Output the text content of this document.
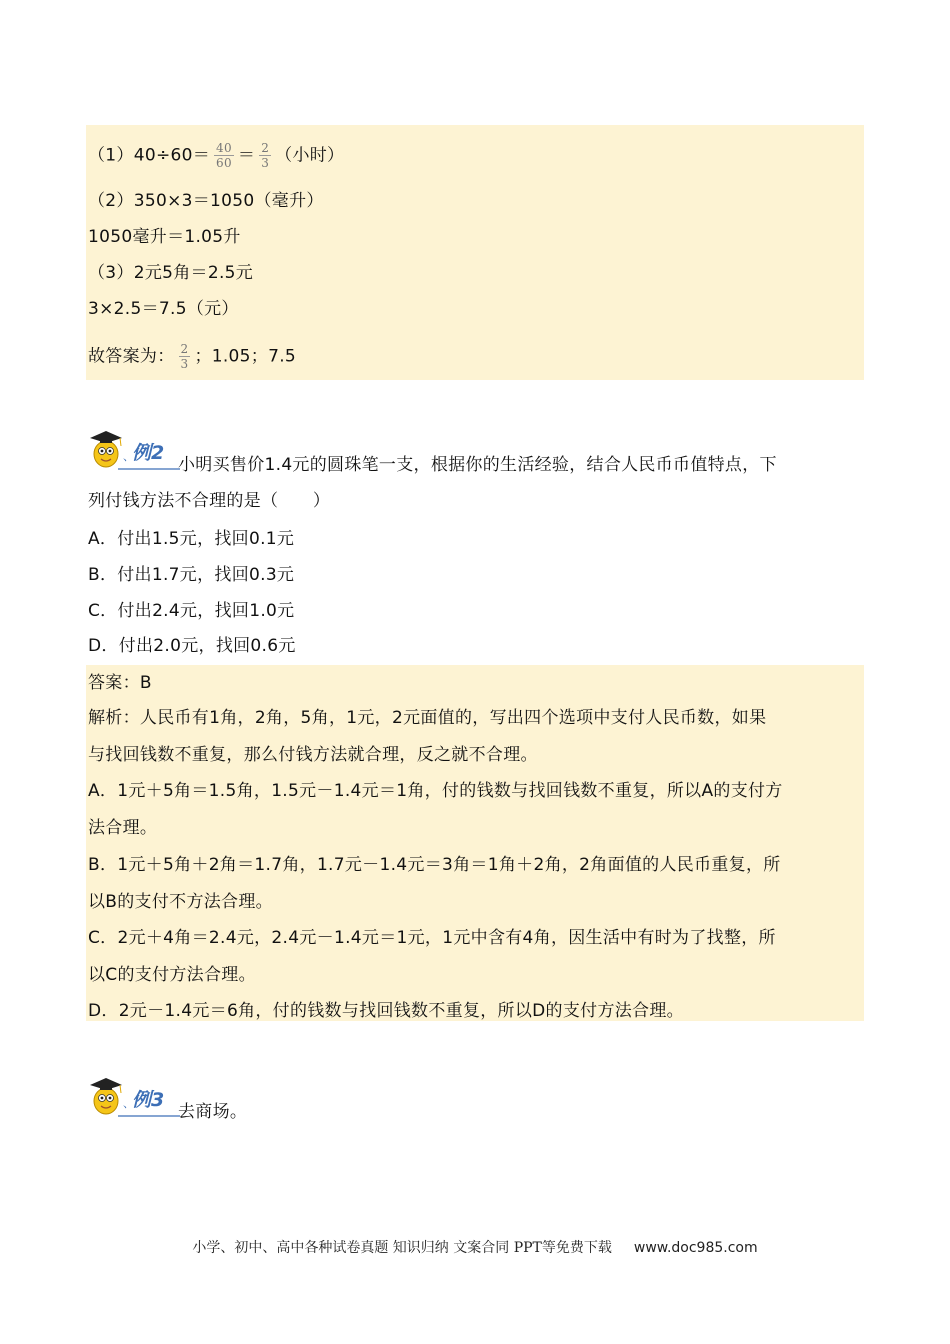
$(1)40\div 60= \frac{40}{60} = \frac{2}{3}$ （小时）
（2）350×3＝1050（毫升）
1050毫升＝1.05升
（3）2元5角＝2.5元
3×2.5＝7.5（元）
故答案为： $\frac{2}{3}$ ；1.05；7.5
、
例2
小明买售价1.4元的圆珠笔一支，根据你的生活经验，结合人民币币值特点，下
列付钱方法不合理的是（　　）
A．付出1.5元，找回0.1元
B．付出1.7元，找回0.3元
C．付出2.4元，找回1.0元
D．付出2.0元，找回0.6元
答案：B
解析：人民币有1角，2角，5角，1元，2元面值的，写出四个选项中支付人民币数，如果
与找回钱数不重复，那么付钱方法就合理，反之就不合理。
A．1元＋5角＝1.5角，1.5元－1.4元＝1角，付的钱数与找回钱数不重复，所以A的支付方
法合理。
B．1元＋5角＋2角＝1.7角，1.7元－1.4元＝3角＝1角＋2角，2角面值的人民币重复，所
以B的支付不方法合理。
C．2元＋4角＝2.4元，2.4元－1.4元＝1元，1元中含有4角，因生活中有时为了找整，所
以C的支付方法合理。
D．2元－1.4元＝6角，付的钱数与找回钱数不重复，所以D的支付方法合理。
、
例3
去商场。
小学、初中、高中各种试卷真题 知识归纳 文案合同 PPT等免费下载 www.doc985.com
